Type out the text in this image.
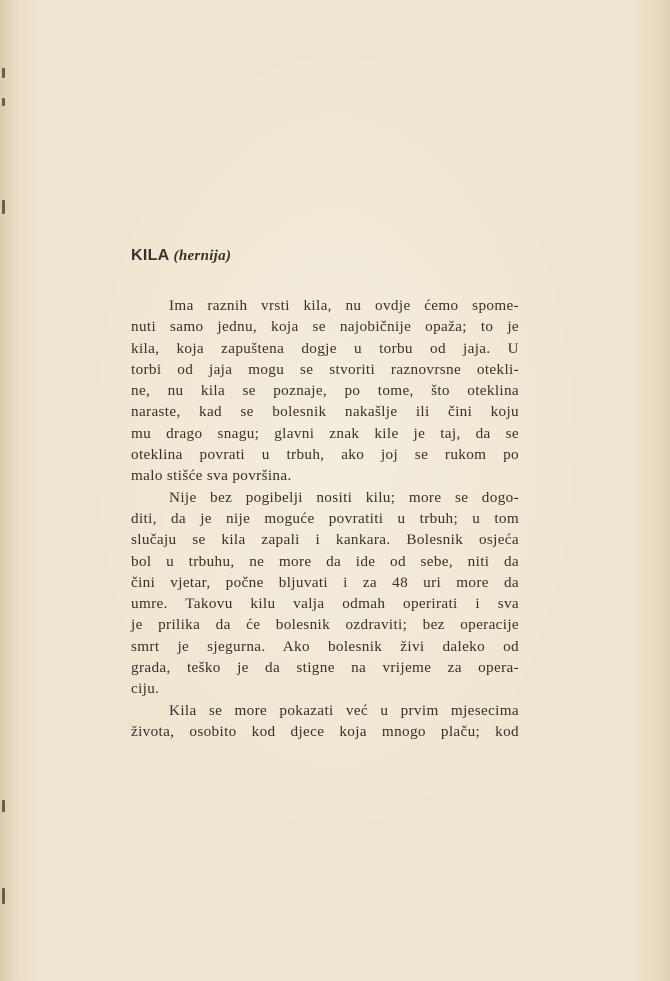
KILA (hernija)

Ima raznih vrsti kila, nu ovdje ćemo spome-
nuti samo jednu, koja se najobičnije opaža; to je
kila, koja zapuštena dogje u torbu od jaja. U
torbi od jaja mogu se stvoriti raznovrsne otekli-
ne, nu kila se poznaje, po tome, što oteklina
naraste, kad se bolesnik nakašlje ili čini koju
mu drago snagu; glavni znak kile je taj, da se
oteklina povrati u trbuh, ako joj se rukom po
malo stišće sva površina.

Nije bez pogibelji nositi kilu; more se dogo-
diti, da je nije moguće povratiti u trbuh; u tom
slučaju se kila zapali i kankara. Bolesnik osjeća
bol u trbuhu, ne more da ide od sebe, niti da
čini vjetar, počne bljuvati i za 48 uri more da
umre. Takovu kilu valja odmah operirati i sva
je prilika da će bolesnik ozdraviti; bez operacije
smrt je sjegurna. Ako bolesnik živi daleko od
grada, teško je da stigne na vrijeme za opera-
ciju.

Kila se more pokazati već u prvim mjesecima
života, osobito kod djece koja mnogo plaču; kod
